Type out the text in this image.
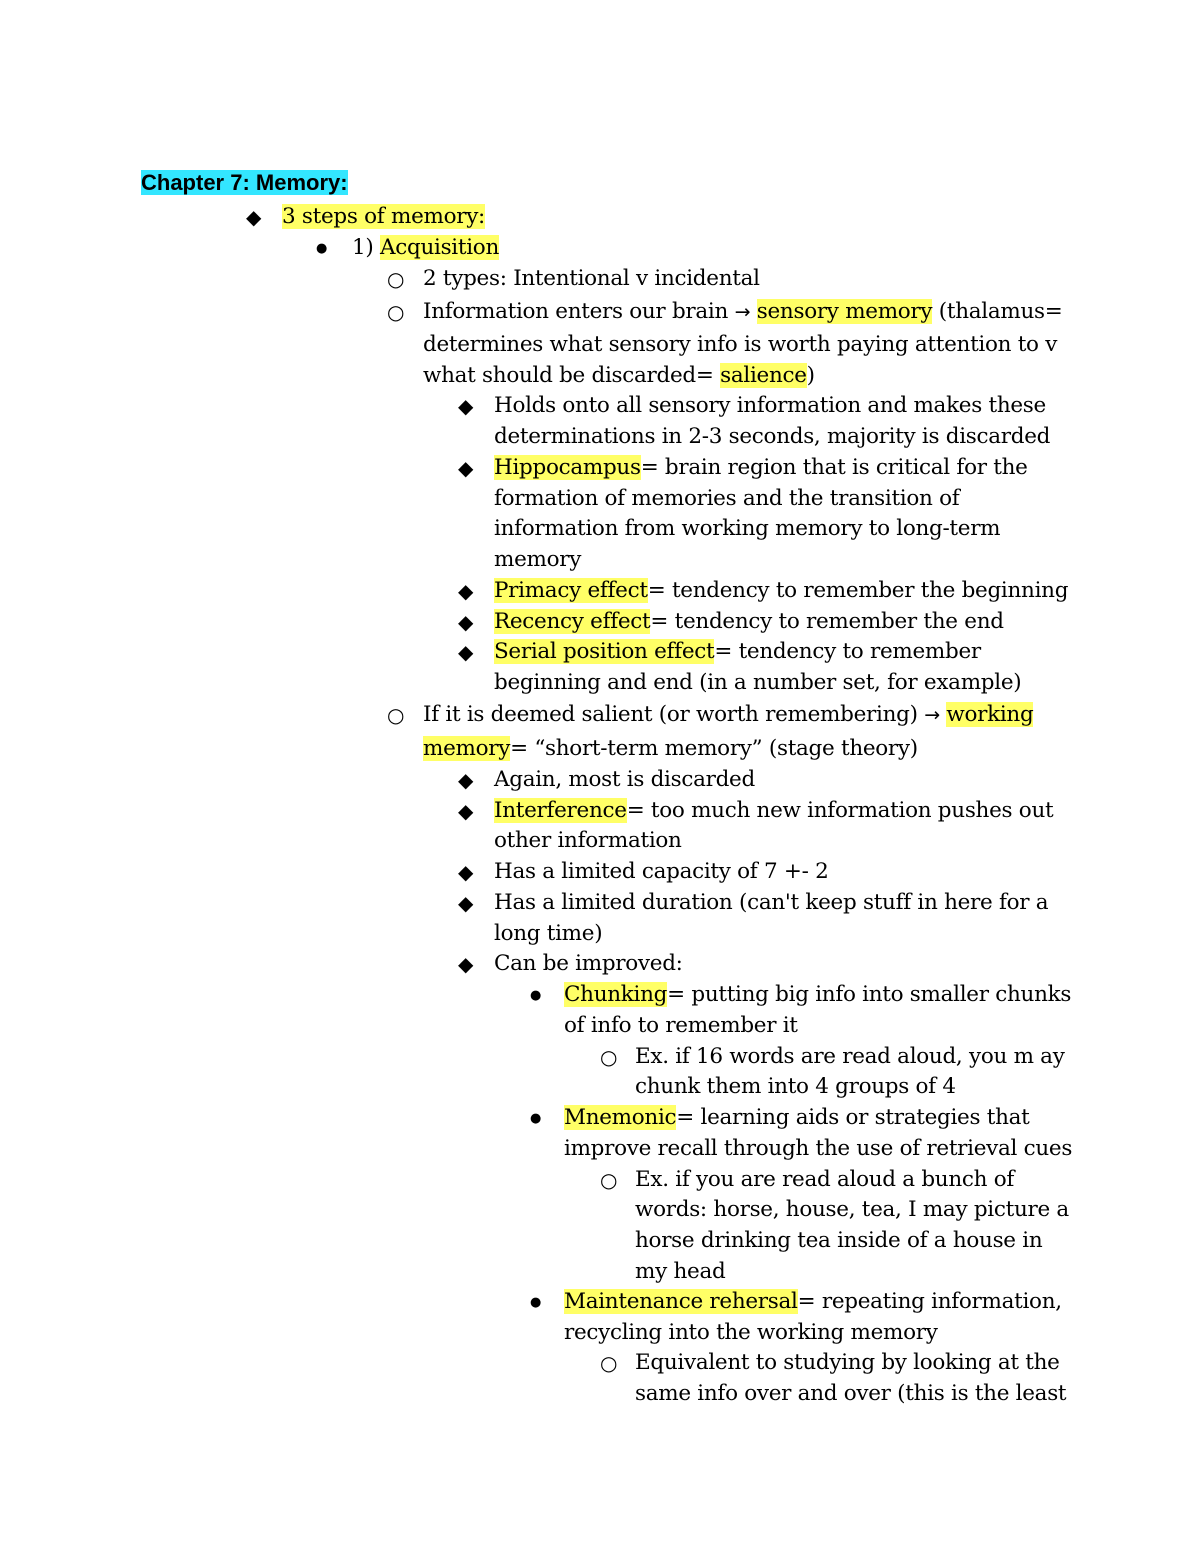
Chapter 7: Memory:
◆ 3 steps of memory:
● 1) Acquisition
○ 2 types: Intentional v incidental
○ Information enters our brain → sensory memory (thalamus=
determines what sensory info is worth paying attention to v
what should be discarded= salience)
◆ Holds onto all sensory information and makes these
determinations in 2-3 seconds, majority is discarded
◆ Hippocampus= brain region that is critical for the
formation of memories and the transition of
information from working memory to long-term
memory
◆ Primacy effect= tendency to remember the beginning
◆ Recency effect= tendency to remember the end
◆ Serial position effect= tendency to remember
beginning and end (in a number set, for example)
○ If it is deemed salient (or worth remembering) → working
memory= “short-term memory” (stage theory)
◆ Again, most is discarded
◆ Interference= too much new information pushes out
other information
◆ Has a limited capacity of 7 +- 2
◆ Has a limited duration (can't keep stuff in here for a
long time)
◆ Can be improved:
● Chunking= putting big info into smaller chunks
of info to remember it
○ Ex. if 16 words are read aloud, you m ay
chunk them into 4 groups of 4
● Mnemonic= learning aids or strategies that
improve recall through the use of retrieval cues
○ Ex. if you are read aloud a bunch of
words: horse, house, tea, I may picture a
horse drinking tea inside of a house in
my head
● Maintenance rehersal= repeating information,
recycling into the working memory
○ Equivalent to studying by looking at the
same info over and over (this is the least
